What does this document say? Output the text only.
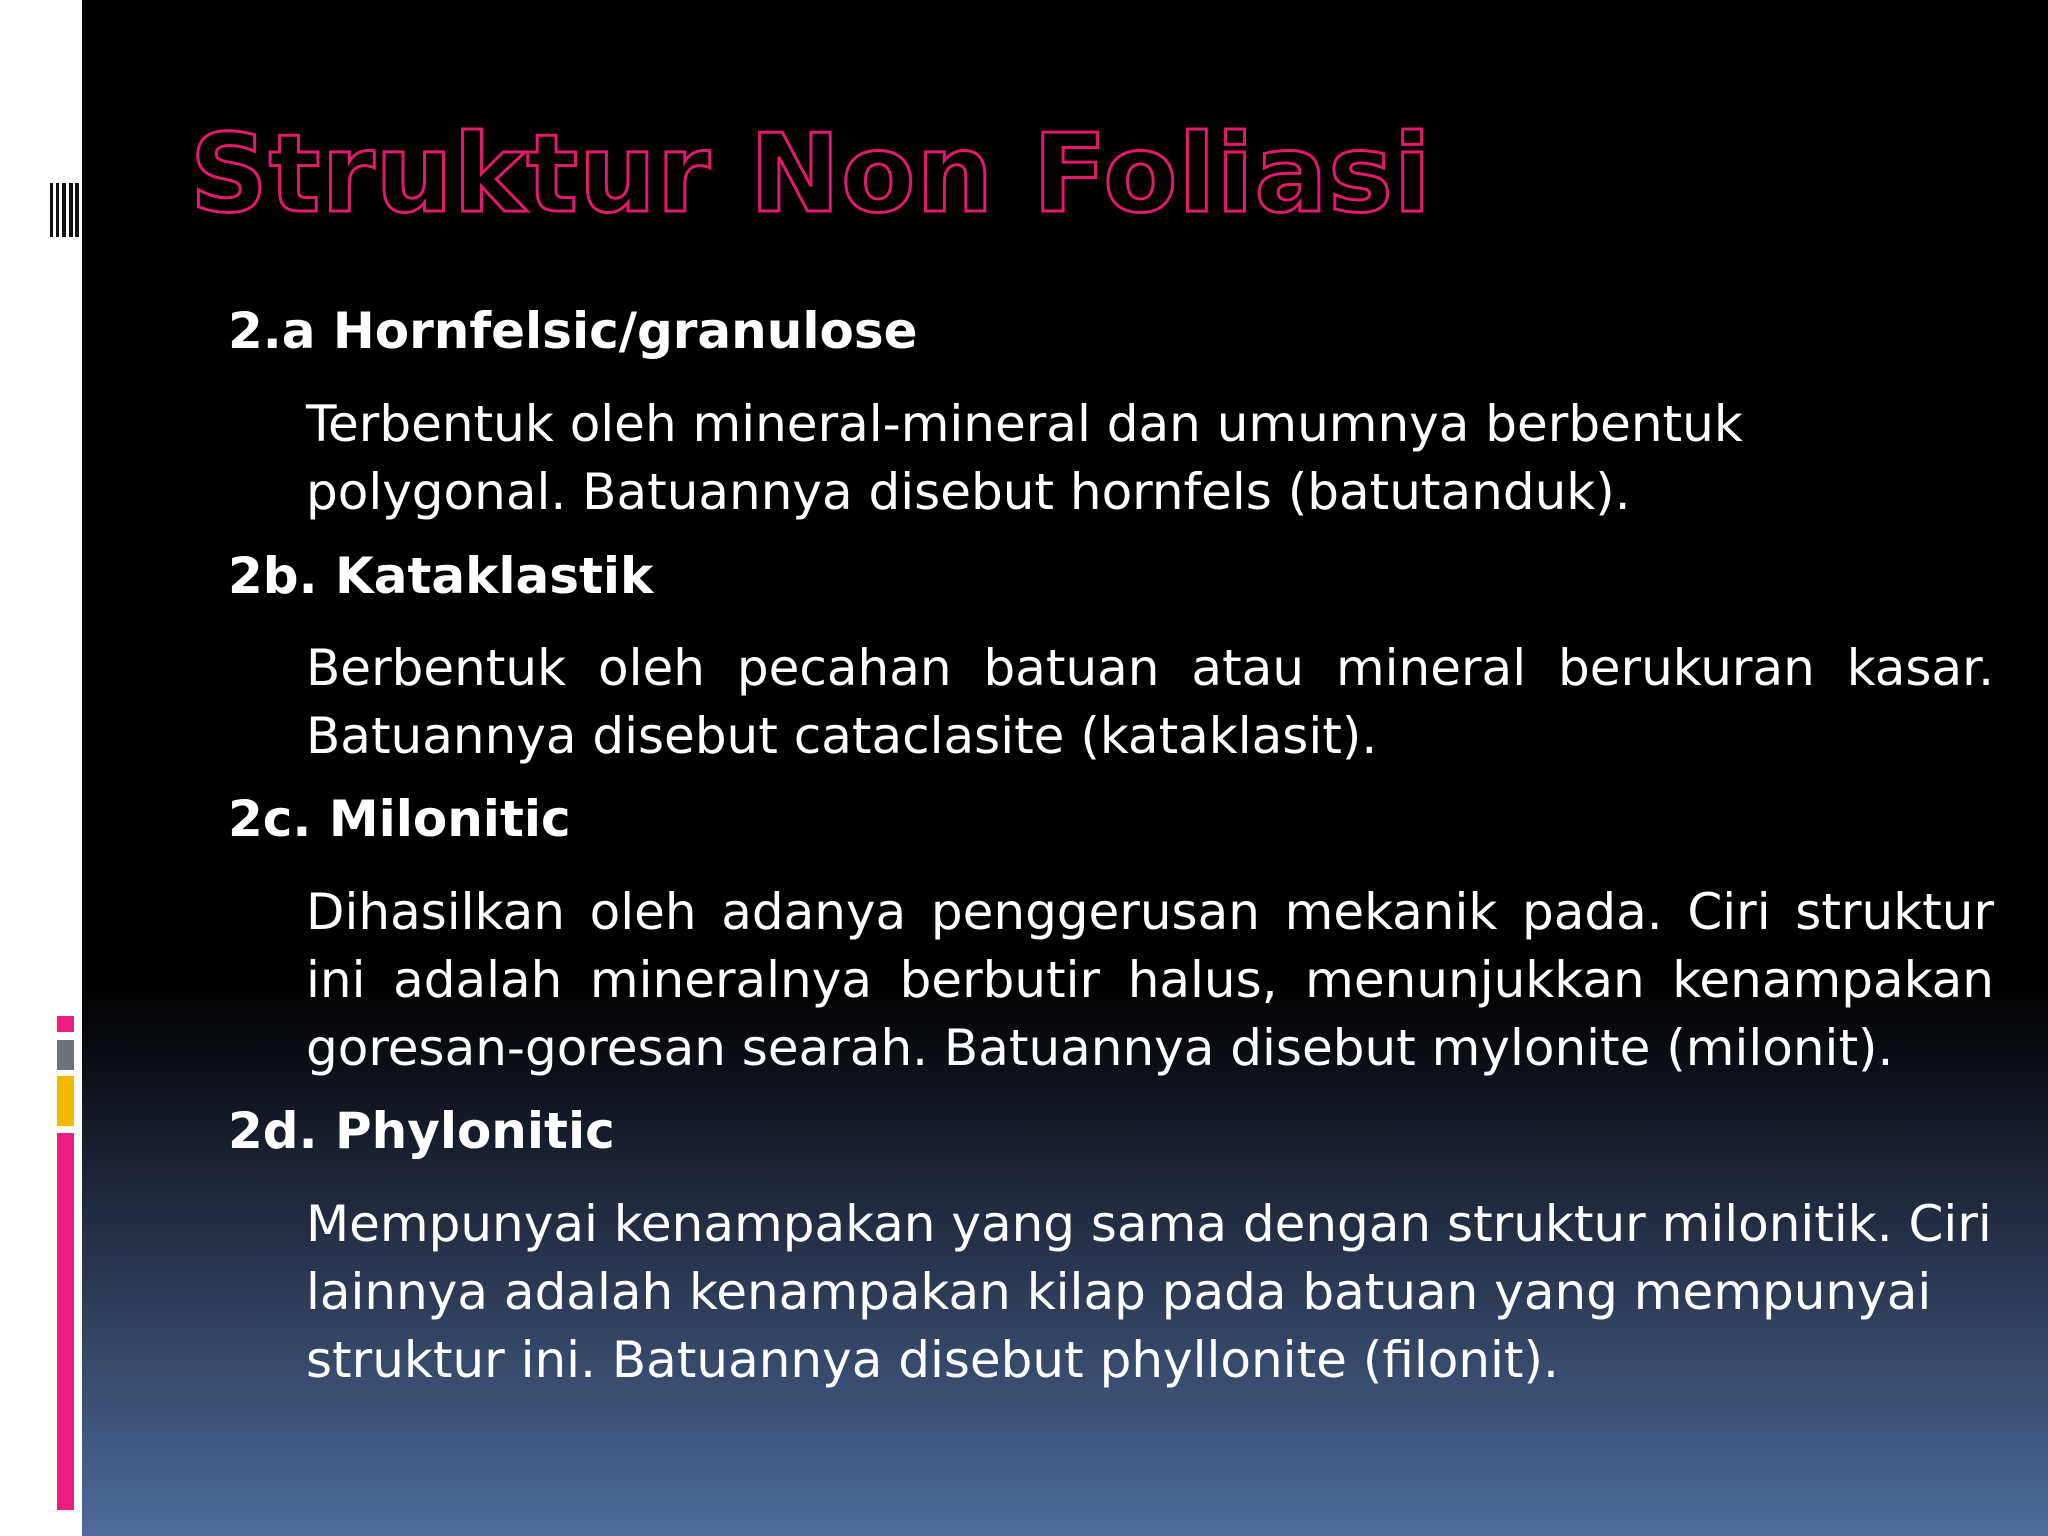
Struktur Non Foliasi

2.a Hornfelsic/granulose

Terbentuk oleh mineral-mineral dan umumnya berbentuk polygonal. Batuannya disebut hornfels (batutanduk).

2b. Kataklastik

Berbentuk oleh pecahan batuan atau mineral berukuran kasar. Batuannya disebut cataclasite (kataklasit).

2c. Milonitic

Dihasilkan oleh adanya penggerusan mekanik pada. Ciri struktur ini adalah mineralnya berbutir halus, menunjukkan kenampakan goresan-goresan searah. Batuannya disebut mylonite (milonit).

2d. Phylonitic

Mempunyai kenampakan yang sama dengan struktur milonitik. Ciri lainnya adalah kenampakan kilap pada batuan yang mempunyai struktur ini. Batuannya disebut phyllonite (filonit).
